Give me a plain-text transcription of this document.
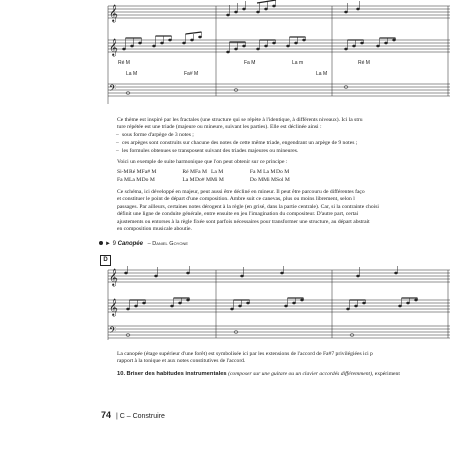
𝄞
𝄞
𝄢
Ré M	Fa M	La m	Ré M
La M	Fa# M	La M

Ce thème est inspiré par les fractales (une structure qui se répète à l'identique, à différents niveaux). Ici la stru

ture répétée est une triade (majeure ou mineure, suivant les parties). Elle est déclinée ainsi :

– sous forme d'arpège de 3 notes ;
– ces arpèges sont construits sur chacune des notes de cette même triade, engendrant un arpège de 9 notes ;
– les formules obtenues se transposent suivant des triades majeures ou mineures.
Voici un exemple de suite harmonique que l'on peut obtenir sur ce principe :
Si-M	Ré M	Fa# M		Ré M	Fa M	La M		Fa M	La M	Do M
Fa M	La M	Do M		La M	Do# M	Mi M		Do M	Mi M	Sol M

Ce schéma, ici développé en majeur, peut aussi être décliné en mineur. Il peut être parcouru de différentes faço

et constituer le point de départ d'une composition. Ambre suit ce canevas, plus ou moins librement, selon l

passages. Par ailleurs, certaines notes dérogent à la règle (en grisé, dans la partie centrale). Car, si la contrainte choisi

définit une ligne de conduite générale, entre ensuite en jeu l'imagination du compositeur. D'autre part, certai

ajustements ou entorses à la règle fixée sont parfois nécessaires pour transformer une structure, au départ abstrait

en composition musicale aboutie.

► 9 Canopée – Daniel Goyone
D
𝄞
𝄞
𝄢

La canopée (étage supérieur d'une forêt) est symbolisée ici par les extensions de l'accord de Fa#7 privilégiées ici p

rapport à la tonique et aux notes constitutives de l'accord.

10. Briser des habitudes instrumentales (composer sur une guitare ou un clavier accordés différemment), expériment
74 | C – Construire
